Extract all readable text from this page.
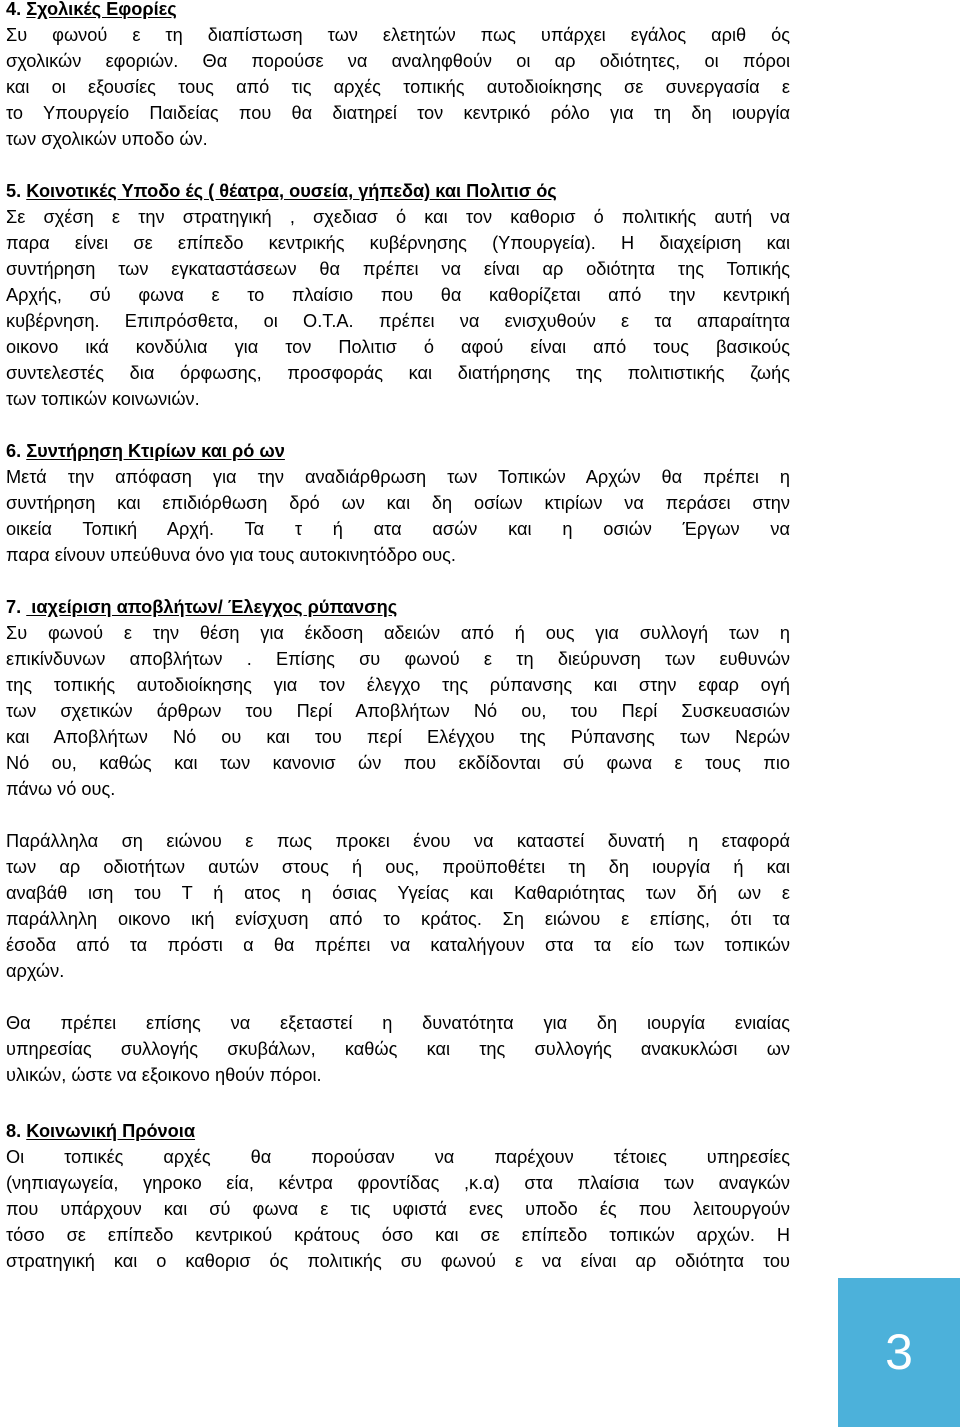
4. Σχολικές Εφορίες
Συ φωνού ε τη διαπίστωση των ελετητών πως υπάρχει εγάλος αριθ ός
σχολικών εφοριών. Θα πορούσε να αναληφθούν οι αρ οδιότητες, οι πόροι
και οι εξουσίες τους από τις αρχές τοπικής αυτοδιοίκησης σε συνεργασία ε
το Υπουργείο Παιδείας που θα διατηρεί τον κεντρικό ρόλο για τη δη ιουργία
των σχολικών υποδο ών.
5. Κοινοτικές Υποδο ές ( θέατρα, ουσεία, γήπεδα) και Πολιτισ ός
Σε σχέση ε την στρατηγική , σχεδιασ ό και τον καθορισ ό πολιτικής αυτή να
παρα είνει σε επίπεδο κεντρικής κυβέρνησης (Υπουργεία). Η διαχείριση και
συντήρηση των εγκαταστάσεων θα πρέπει να είναι αρ οδιότητα της Τοπικής
Αρχής, σύ φωνα ε το πλαίσιο που θα καθορίζεται από την κεντρική
κυβέρνηση. Επιπρόσθετα, οι Ο.Τ.Α. πρέπει να ενισχυθούν ε τα απαραίτητα
οικονο ικά κονδύλια για τον Πολιτισ ό αφού είναι από τους βασικούς
συντελεστές δια όρφωσης, προσφοράς και διατήρησης της πολιτιστικής ζωής
των τοπικών κοινωνιών.
6. Συντήρηση Κτιρίων και ρό ων
Μετά την απόφαση για την αναδιάρθρωση των Τοπικών Αρχών θα πρέπει η
συντήρηση και επιδιόρθωση δρό ων και δη οσίων κτιρίων να περάσει στην
οικεία Τοπική Αρχή. Τα τ ή ατα ασών και η οσιών Έργων να
παρα είνουν υπεύθυνα όνο για τους αυτοκινητόδρο ους.
7.  ιαχείριση αποβλήτων/ Έλεγχος ρύπανσης
Συ φωνού ε την θέση για έκδοση αδειών από ή ους για συλλογή των η
επικίνδυνων αποβλήτων . Επίσης συ φωνού ε τη διεύρυνση των ευθυνών
της τοπικής αυτοδιοίκησης για τον έλεγχο της ρύπανσης και στην εφαρ ογή
των σχετικών άρθρων του Περί Αποβλήτων Νό ου, του Περί Συσκευασιών
και Αποβλήτων Νό ου και του περί Ελέγχου της Ρύπανσης των Νερών
Νό ου, καθώς και των κανονισ ών που εκδίδονται σύ φωνα ε τους πιο
πάνω νό ους.
Παράλληλα ση ειώνου ε πως προκει ένου να καταστεί δυνατή η εταφορά
των αρ οδιοτήτων αυτών στους ή ους, προϋποθέτει τη δη ιουργία ή και
αναβάθ ιση του Τ ή ατος η όσιας Υγείας και Καθαριότητας των δή ων ε
παράλληλη οικονο ική ενίσχυση από το κράτος. Ση ειώνου ε επίσης, ότι τα
έσοδα από τα πρόστι α θα πρέπει να καταλήγουν στα τα είο των τοπικών
αρχών.
Θα πρέπει επίσης να εξεταστεί η δυνατότητα για δη ιουργία ενιαίας
υπηρεσίας συλλογής σκυβάλων, καθώς και της συλλογής ανακυκλώσι ων
υλικών, ώστε να εξοικονο ηθούν πόροι.
8. Κοινωνική Πρόνοια
Οι τοπικές αρχές θα πορούσαν να παρέχουν τέτοιες υπηρεσίες
(νηπιαγωγεία, γηροκο εία, κέντρα φροντίδας ,κ.α) στα πλαίσια των αναγκών
που υπάρχουν και σύ φωνα ε τις υφιστά ενες υποδο ές που λειτουργούν
τόσο σε επίπεδο κεντρικού κράτους όσο και σε επίπεδο τοπικών αρχών. Η
στρατηγική και ο καθορισ ός πολιτικής συ φωνού ε να είναι αρ οδιότητα του
3
